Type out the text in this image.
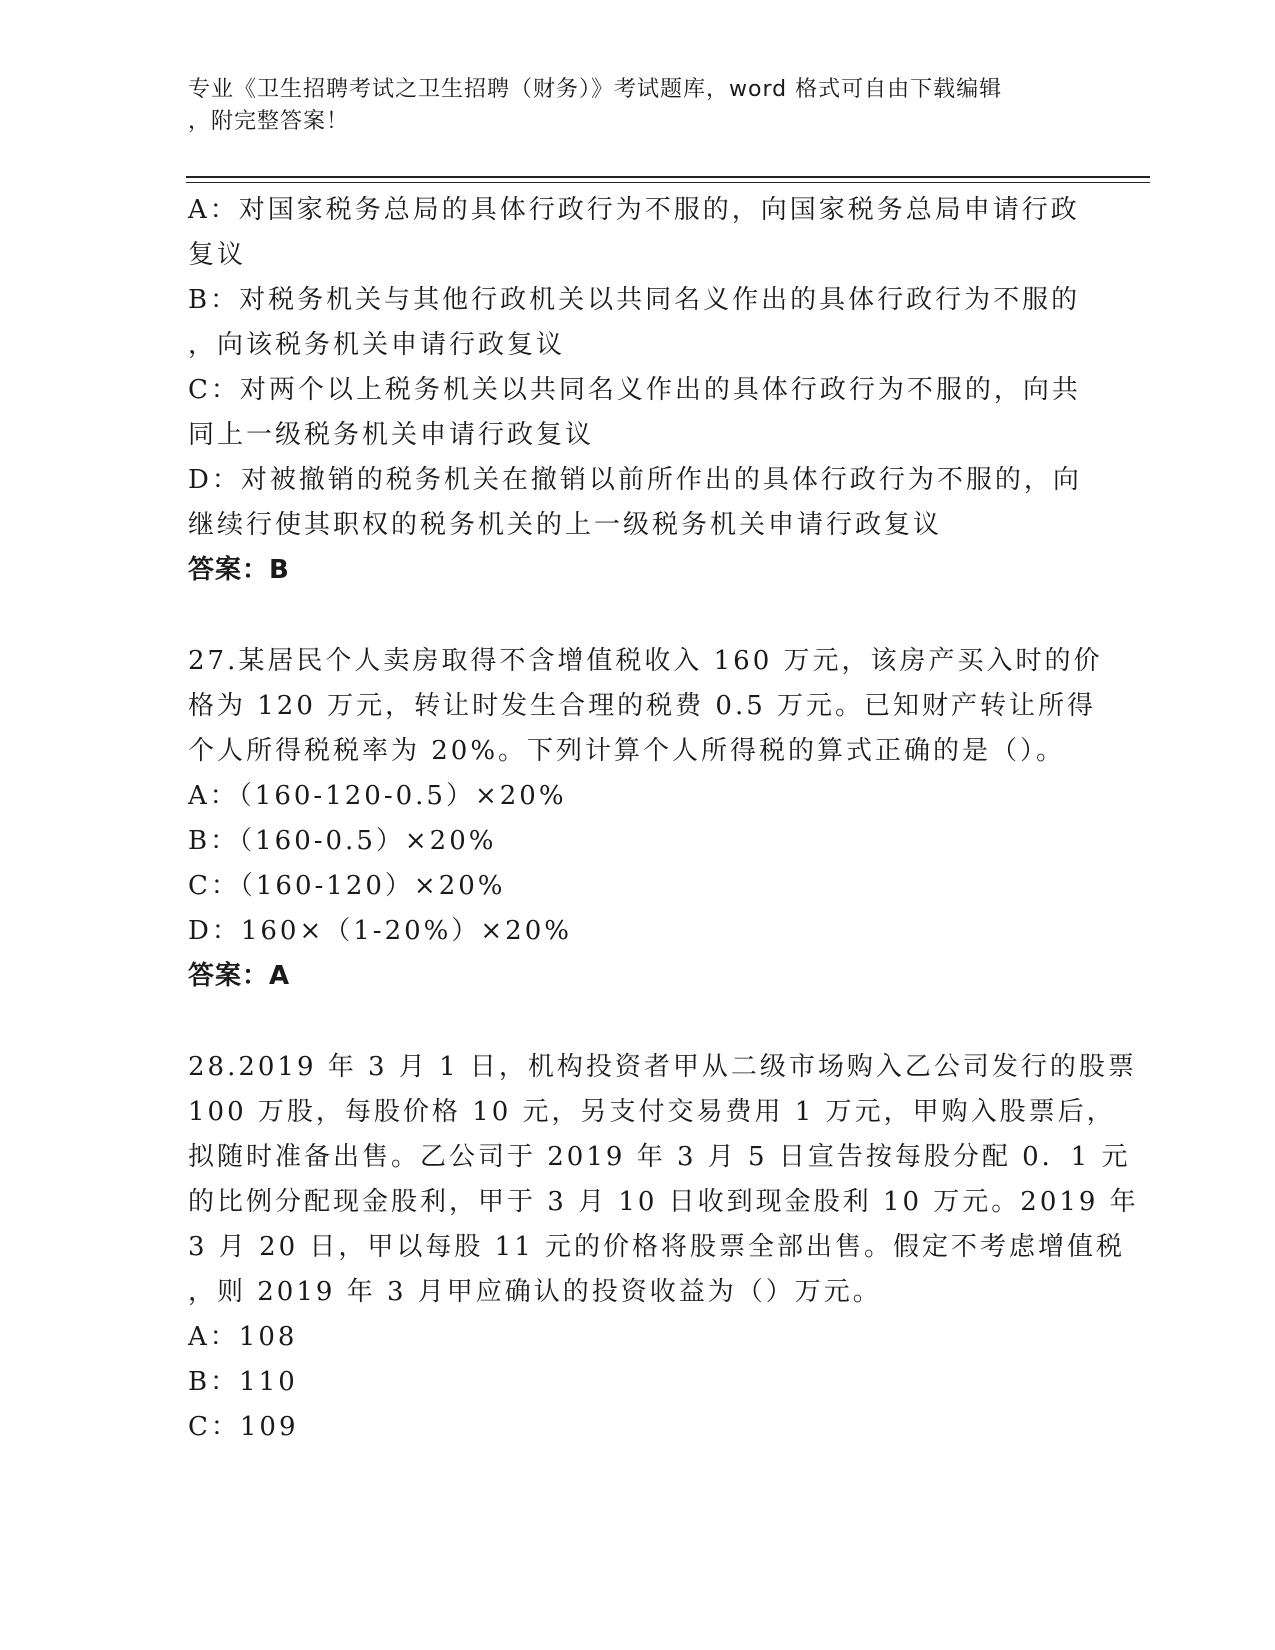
专业《卫生招聘考试之卫生招聘（财务）》考试题库，word 格式可自由下载编辑
，附完整答案！
A：对国家税务总局的具体行政行为不服的，向国家税务总局申请行政
复议
B：对税务机关与其他行政机关以共同名义作出的具体行政行为不服的
，向该税务机关申请行政复议
C：对两个以上税务机关以共同名义作出的具体行政行为不服的，向共
同上一级税务机关申请行政复议
D：对被撤销的税务机关在撤销以前所作出的具体行政行为不服的，向
继续行使其职权的税务机关的上一级税务机关申请行政复议
答案：B
27.某居民个人卖房取得不含增值税收入 160 万元，该房产买入时的价
格为 120 万元，转让时发生合理的税费 0.5 万元。已知财产转让所得
个人所得税税率为 20%。下列计算个人所得税的算式正确的是（）。
A：（160-120-0.5）×20%
B：（160-0.5）×20%
C：（160-120）×20%
D：160×（1-20%）×20%
答案：A
28.2019 年 3 月 1 日，机构投资者甲从二级市场购入乙公司发行的股票
100 万股，每股价格 10 元，另支付交易费用 1 万元，甲购入股票后，
拟随时准备出售。乙公司于 2019 年 3 月 5 日宣告按每股分配 0．1 元
的比例分配现金股利，甲于 3 月 10 日收到现金股利 10 万元。2019 年
3 月 20 日，甲以每股 11 元的价格将股票全部出售。假定不考虑增值税
，则 2019 年 3 月甲应确认的投资收益为（）万元。
A：108
B：110
C：109
